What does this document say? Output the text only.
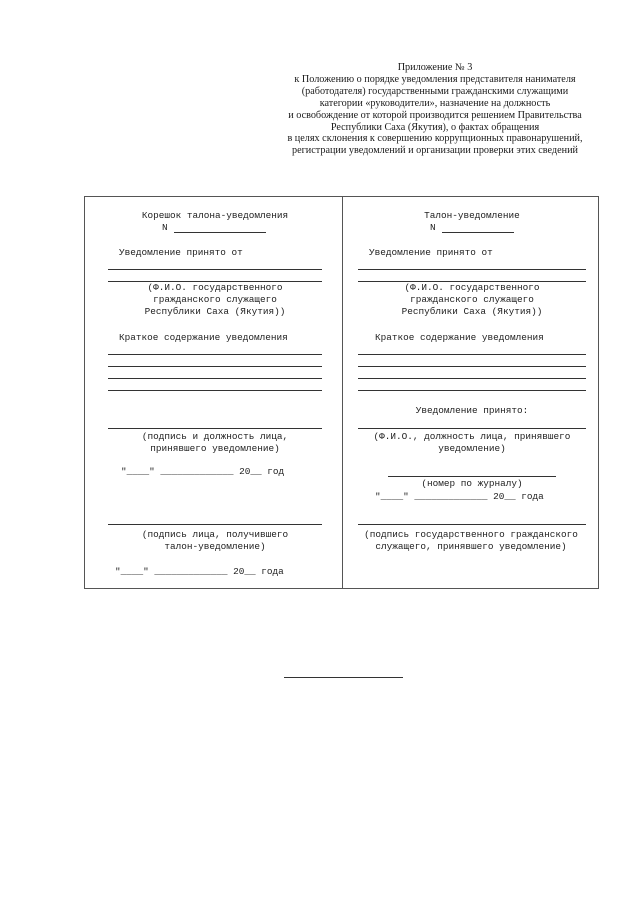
Приложение № 3
к Положению о порядке уведомления представителя нанимателя
(работодателя) государственными гражданскими служащими
категории «руководители», назначение на должность
и освобождение от которой производится решением Правительства
Республики Саха (Якутия), о фактах обращения
в целях склонения к совершению коррупционных правонарушений,
регистрации уведомлений и организации проверки этих сведений
Корешок талона-уведомления
N
Уведомление принято от
(Ф.И.О. государственного
гражданского служащего
Республики Саха (Якутия))
Краткое содержание уведомления
(подпись и должность лица,
принявшего уведомление)
"____" _____________ 20__ год
(подпись лица, получившего
талон-уведомление)
"____" _____________ 20__ года
Талон-уведомление
N
Уведомление принято от
(Ф.И.О. государственного
гражданского служащего
Республики Саха (Якутия))
Краткое содержание уведомления
Уведомление принято:
(Ф.И.О., должность лица, принявшего
уведомление)
(номер по журналу)
"____" _____________ 20__ года
(подпись государственного гражданского
служащего, принявшего уведомление)
